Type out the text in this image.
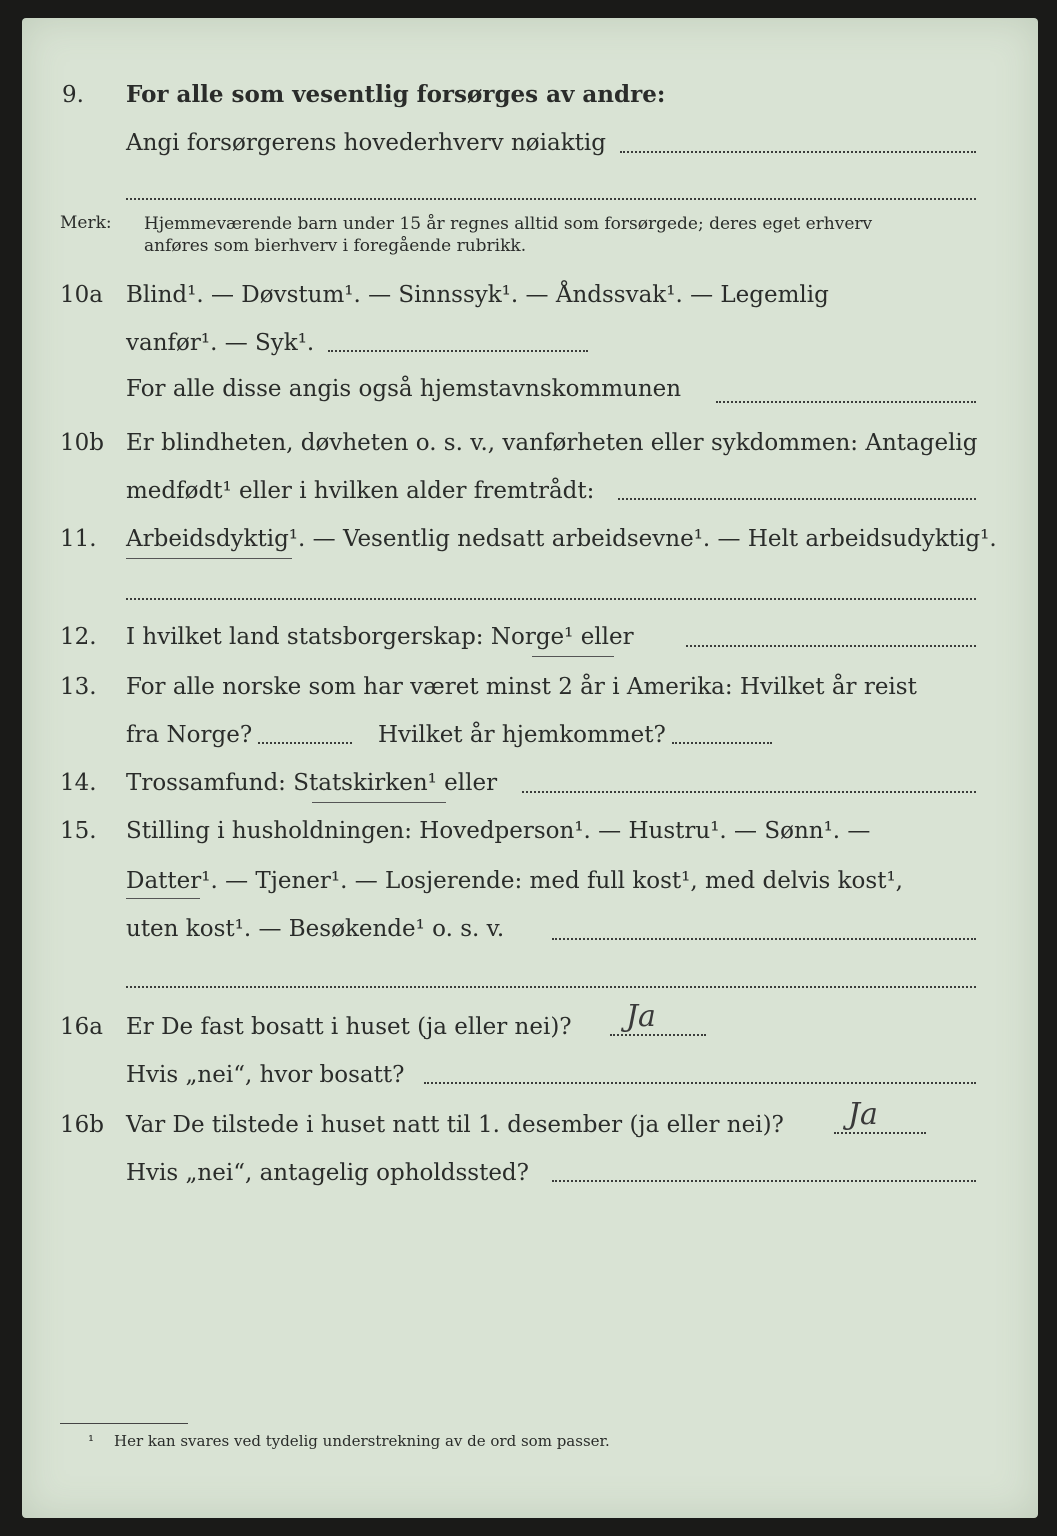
9. For alle som vesentlig forsørges av andre:
Angi forsørgerens hovederhverv nøiaktig
Merk: Hjemmeværende barn under 15 år regnes alltid som forsørgede; deres eget erhverv
anføres som bierhverv i foregående rubrikk.
10a Blind¹. — Døvstum¹. — Sinnssyk¹. — Åndssvak¹. — Legemlig
vanfør¹. — Syk¹.
For alle disse angis også hjemstavnskommunen
10b Er blindheten, døvheten o. s. v., vanførheten eller sykdommen: Antagelig
medfødt¹ eller i hvilken alder fremtrådt:
11. Arbeidsdyktig¹. — Vesentlig nedsatt arbeidsevne¹. — Helt arbeidsudyktig¹.
12. I hvilket land statsborgerskap: Norge¹ eller
13. For alle norske som har været minst 2 år i Amerika: Hvilket år reist
fra Norge?	Hvilket år hjemkommet?
14. Trossamfund: Statskirken¹ eller
15. Stilling i husholdningen: Hovedperson¹. — Hustru¹. — Sønn¹. —
Datter¹. — Tjener¹. — Losjerende: med full kost¹, med delvis kost¹,
uten kost¹. — Besøkende¹ o. s. v.
16a Er De fast bosatt i huset (ja eller nei)? Ja
Hvis „nei“, hvor bosatt?
16b Var De tilstede i huset natt til 1. desember (ja eller nei)? Ja
Hvis „nei“, antagelig opholdssted?
¹ Her kan svares ved tydelig understrekning av de ord som passer.
